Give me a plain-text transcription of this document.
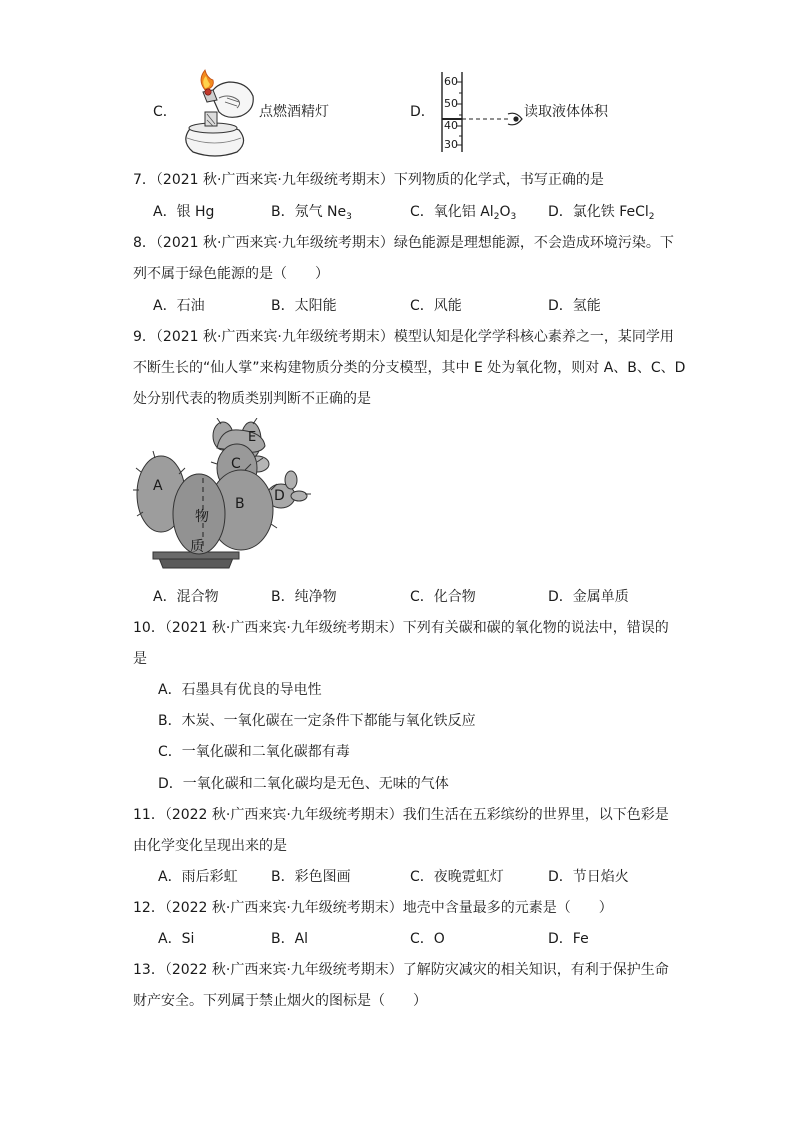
C．	点燃酒精灯	D．
60
50
40
30
读取液体体积
7．（2021 秋·广西来宾·九年级统考期末）下列物质的化学式，书写正确的是
A．银 Hg	B．氖气 $Ne_3$	C．氧化铝 $Al_2O_3$ D．氯化铁 FeCl$_2$
8．（2021 秋·广西来宾·九年级统考期末）绿色能源是理想能源，不会造成环境污染。下
列不属于绿色能源的是（　　）
A．石油	B．太阳能	C．风能	D．氢能
9．（2021 秋·广西来宾·九年级统考期末）模型认知是化学学科核心素养之一，某同学用
不断生长的“仙人掌”来构建物质分类的分支模型，其中 E 处为氧化物，则对 A、B、C、D
处分别代表的物质类别判断不正确的是
A
B
C
D
E
物
质
A．混合物	B．纯净物	C．化合物	D．金属单质
10．（2021 秋·广西来宾·九年级统考期末）下列有关碳和碳的氧化物的说法中，错误的
是
A．石墨具有优良的导电性
B．木炭、一氧化碳在一定条件下都能与氧化铁反应
C．一氧化碳和二氧化碳都有毒
D．一氧化碳和二氧化碳均是无色、无味的气体
11．（2022 秋·广西来宾·九年级统考期末）我们生活在五彩缤纷的世界里，以下色彩是
由化学变化呈现出来的是
A．雨后彩虹 B．彩色图画	C．夜晚霓虹灯	D．节日焰火
12．（2022 秋·广西来宾·九年级统考期末）地壳中含量最多的元素是（　　）
A．Si	B．Al	C．O	D．Fe
13．（2022 秋·广西来宾·九年级统考期末）了解防灾减灾的相关知识，有利于保护生命
财产安全。下列属于禁止烟火的图标是（　　）
